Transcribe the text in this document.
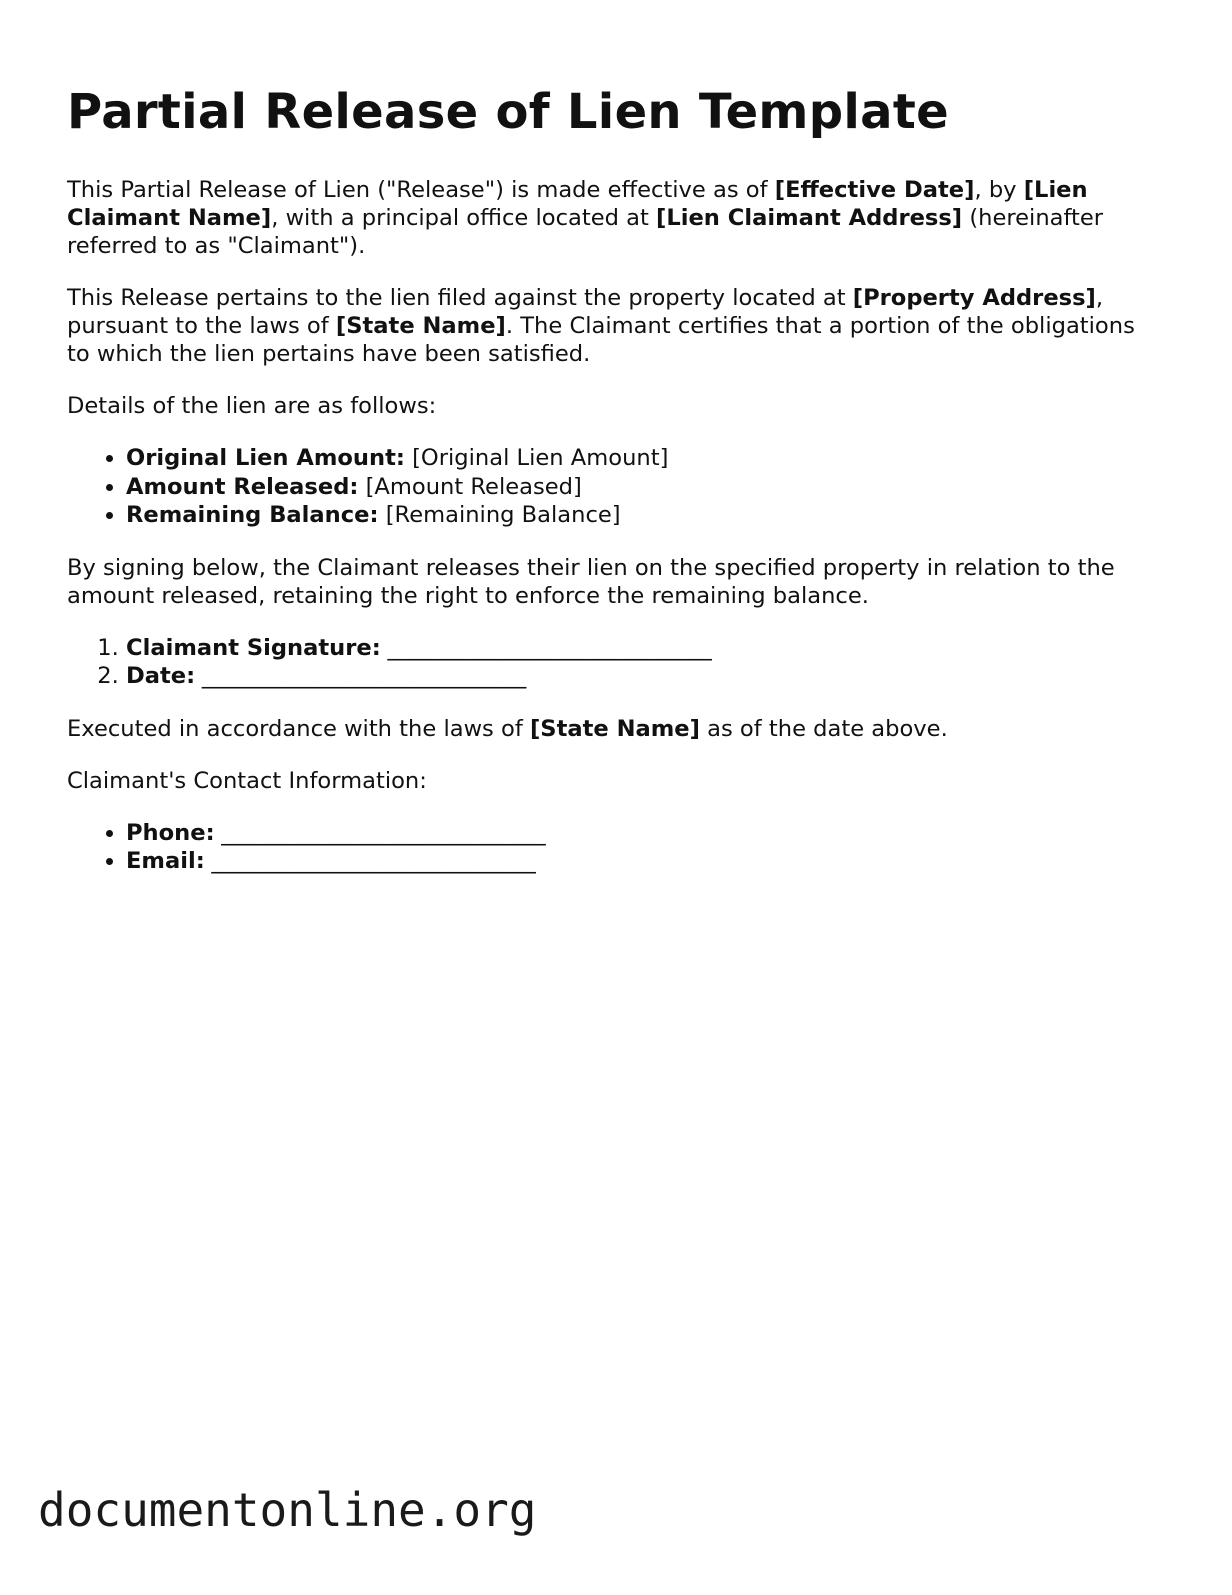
Partial Release of Lien Template

This Partial Release of Lien ("Release") is made effective as of [Effective Date], by [Lien Claimant Name], with a principal office located at [Lien Claimant Address] (hereinafter referred to as "Claimant").

This Release pertains to the lien filed against the property located at [Property Address], pursuant to the laws of [State Name]. The Claimant certifies that a portion of the obligations to which the lien pertains have been satisfied.

Details of the lien are as follows:

• Original Lien Amount: [Original Lien Amount]
• Amount Released: [Amount Released]
• Remaining Balance: [Remaining Balance]

By signing below, the Claimant releases their lien on the specified property in relation to the amount released, retaining the right to enforce the remaining balance.

1. Claimant Signature: ______________________________
2. Date: ______________________________

Executed in accordance with the laws of [State Name] as of the date above.

Claimant's Contact Information:

• Phone: ______________________________
• Email: ______________________________
documentonline.org
